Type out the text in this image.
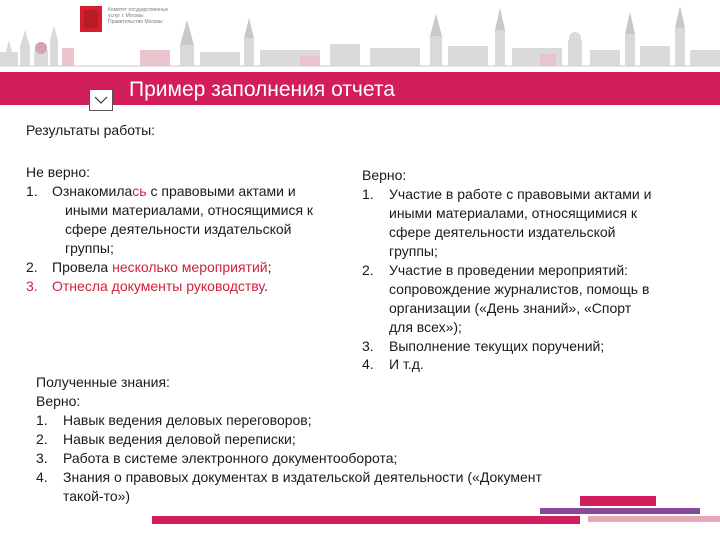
Комитет государственных
услуг г. Москвы
Правительство Москвы
Пример заполнения отчета
Результаты работы:
Не верно:
1. Ознакомилась с правовыми актами и
иными материалами, относящимися к
сфере деятельности издательской
группы;
2. Провела несколько мероприятий;
3. Отнесла документы руководству.
Верно:
1. Участие в работе с правовыми актами и
иными материалами, относящимися к
сфере деятельности издательской
группы;
2. Участие в проведении мероприятий:
сопровождение журналистов, помощь в
организации («День знаний», «Спорт
для всех»);
3. Выполнение текущих поручений;
4. И т.д.
Полученные знания:
Верно:
1. Навык ведения деловых переговоров;
2. Навык ведения деловой переписки;
3. Работа в системе электронного документооборота;
4. Знания о правовых документах в издательской деятельности («Документ
такой-то»)
